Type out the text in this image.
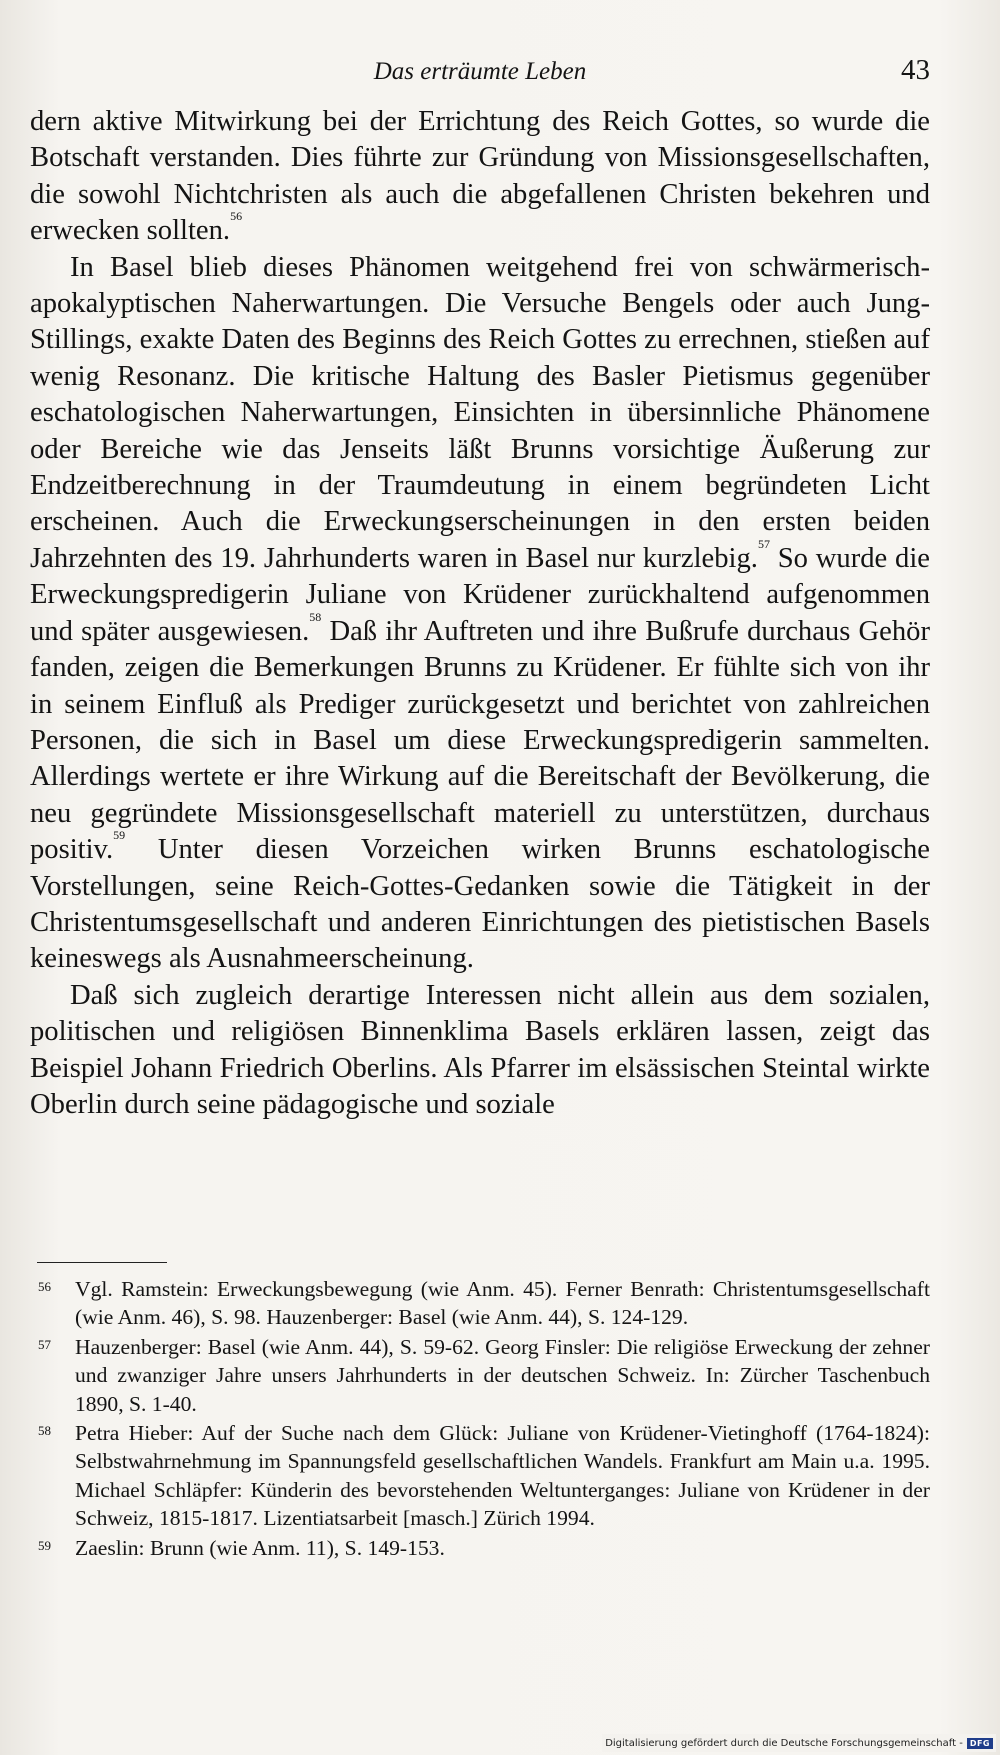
Das erträumte Leben	43

dern aktive Mitwirkung bei der Errichtung des Reich Gottes, so wurde die Botschaft verstanden. Dies führte zur Gründung von Missionsgesellschaften, die sowohl Nichtchristen als auch die abgefallenen Christen bekehren und erwecken sollten.$^{56}$

In Basel blieb dieses Phänomen weitgehend frei von schwärmerisch-apokalyptischen Naherwartungen. Die Versuche Bengels oder auch Jung-Stillings, exakte Daten des Beginns des Reich Gottes zu errechnen, stießen auf wenig Resonanz. Die kritische Haltung des Basler Pietismus gegenüber eschatologischen Naherwartungen, Einsichten in übersinnliche Phänomene oder Bereiche wie das Jenseits läßt Brunns vorsichtige Äußerung zur Endzeitberechnung in der Traumdeutung in einem begründeten Licht erscheinen. Auch die Erweckungserscheinungen in den ersten beiden Jahrzehnten des 19. Jahrhunderts waren in Basel nur kurzlebig.$^{57}$ So wurde die Erweckungspredigerin Juliane von Krüdener zurückhaltend aufgenommen und später ausgewiesen.$^{58}$ Daß ihr Auftreten und ihre Bußrufe durchaus Gehör fanden, zeigen die Bemerkungen Brunns zu Krüdener. Er fühlte sich von ihr in seinem Einfluß als Prediger zurückgesetzt und berichtet von zahlreichen Personen, die sich in Basel um diese Erweckungspredigerin sammelten. Allerdings wertete er ihre Wirkung auf die Bereitschaft der Bevölkerung, die neu gegründete Missionsgesellschaft materiell zu unterstützen, durchaus positiv.$^{59}$ Unter diesen Vorzeichen wirken Brunns eschatologische Vorstellungen, seine Reich-Gottes-Gedanken sowie die Tätigkeit in der Christentumsgesellschaft und anderen Einrichtungen des pietistischen Basels keineswegs als Ausnahmeerscheinung.

Daß sich zugleich derartige Interessen nicht allein aus dem sozialen, politischen und religiösen Binnenklima Basels erklären lassen, zeigt das Beispiel Johann Friedrich Oberlins. Als Pfarrer im elsässischen Steintal wirkte Oberlin durch seine pädagogische und soziale

56 Vgl. Ramstein: Erweckungsbewegung (wie Anm. 45). Ferner Benrath: Christentumsgesellschaft (wie Anm. 46), S. 98. Hauzenberger: Basel (wie Anm. 44), S. 124-129.
57 Hauzenberger: Basel (wie Anm. 44), S. 59-62. Georg Finsler: Die religiöse Erweckung der zehner und zwanziger Jahre unsers Jahrhunderts in der deutschen Schweiz. In: Zürcher Taschenbuch 1890, S. 1-40.
58 Petra Hieber: Auf der Suche nach dem Glück: Juliane von Krüdener-Vietinghoff (1764-1824): Selbstwahrnehmung im Spannungsfeld gesellschaftlichen Wandels. Frankfurt am Main u.a. 1995. Michael Schläpfer: Künderin des bevorstehenden Weltunterganges: Juliane von Krüdener in der Schweiz, 1815-1817. Lizentiatsarbeit [masch.] Zürich 1994.
59 Zaeslin: Brunn (wie Anm. 11), S. 149-153.
Digitalisierung gefördert durch die Deutsche Forschungsgemeinschaft - DFG
